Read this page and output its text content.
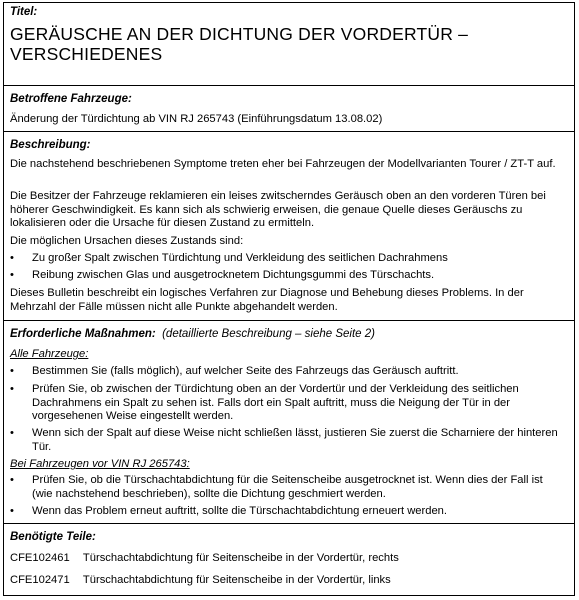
Titel:
GERÄUSCHE AN DER DICHTUNG DER VORDERTÜR – VERSCHIEDENES
Betroffene Fahrzeuge:
Änderung der Türdichtung ab VIN RJ 265743 (Einführungsdatum 13.08.02)
Beschreibung:

Die nachstehend beschriebenen Symptome treten eher bei Fahrzeugen der Modellvarianten Tourer / ZT-T auf.

Die Besitzer der Fahrzeuge reklamieren ein leises zwitscherndes Geräusch oben an den vorderen Türen bei höherer Geschwindigkeit. Es kann sich als schwierig erweisen, die genaue Quelle dieses Geräuschs zu lokalisieren oder die Ursache für diesen Zustand zu ermitteln.

Die möglichen Ursachen dieses Zustands sind:

• Zu großer Spalt zwischen Türdichtung und Verkleidung des seitlichen Dachrahmens
• Reibung zwischen Glas und ausgetrocknetem Dichtungsgummi des Türschachts.

Dieses Bulletin beschreibt ein logisches Verfahren zur Diagnose und Behebung dieses Problems. In der Mehrzahl der Fälle müssen nicht alle Punkte abgehandelt werden.

Erforderliche Maßnahmen: (detaillierte Beschreibung – siehe Seite 2)
Alle Fahrzeuge:
• Bestimmen Sie (falls möglich), auf welcher Seite des Fahrzeugs das Geräusch auftritt.
• Prüfen Sie, ob zwischen der Türdichtung oben an der Vordertür und der Verkleidung des seitlichen Dachrahmens ein Spalt zu sehen ist. Falls dort ein Spalt auftritt, muss die Neigung der Tür in der vorgesehenen Weise eingestellt werden.
• Wenn sich der Spalt auf diese Weise nicht schließen lässt, justieren Sie zuerst die Scharniere der hinteren Tür.
Bei Fahrzeugen vor VIN RJ 265743:
• Prüfen Sie, ob die Türschachtabdichtung für die Seitenscheibe ausgetrocknet ist. Wenn dies der Fall ist (wie nachstehend beschrieben), sollte die Dichtung geschmiert werden.
• Wenn das Problem erneut auftritt, sollte die Türschachtabdichtung erneuert werden.
Benötigte Teile:
CFE102461 Türschachtabdichtung für Seitenscheibe in der Vordertür, rechts
CFE102471 Türschachtabdichtung für Seitenscheibe in der Vordertür, links
